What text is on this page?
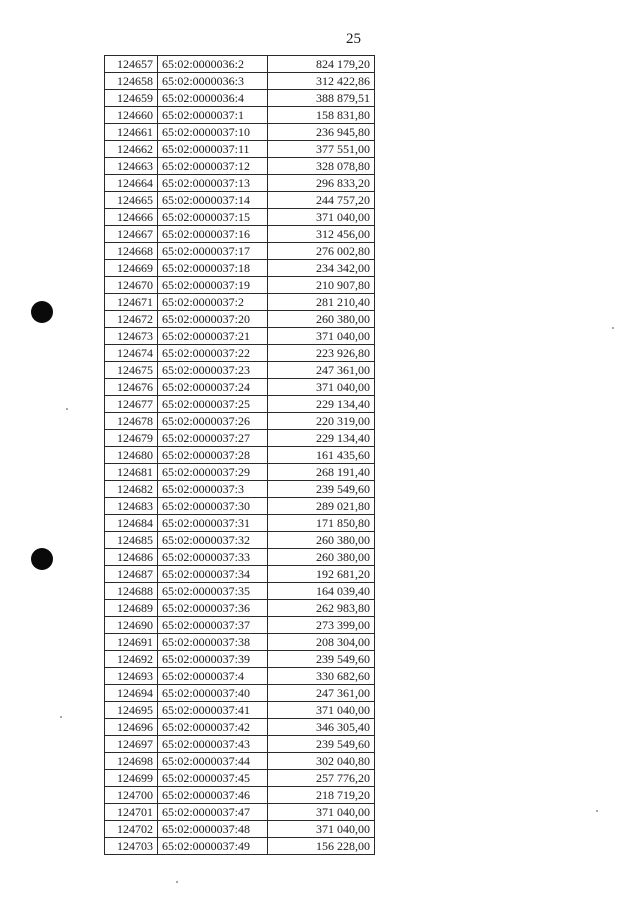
25
124657	65:02:0000036:2	824 179,20
124658	65:02:0000036:3	312 422,86
124659	65:02:0000036:4	388 879,51
124660	65:02:0000037:1	158 831,80
124661	65:02:0000037:10	236 945,80
124662	65:02:0000037:11	377 551,00
124663	65:02:0000037:12	328 078,80
124664	65:02:0000037:13	296 833,20
124665	65:02:0000037:14	244 757,20
124666	65:02:0000037:15	371 040,00
124667	65:02:0000037:16	312 456,00
124668	65:02:0000037:17	276 002,80
124669	65:02:0000037:18	234 342,00
124670	65:02:0000037:19	210 907,80
124671	65:02:0000037:2	281 210,40
124672	65:02:0000037:20	260 380,00
124673	65:02:0000037:21	371 040,00
124674	65:02:0000037:22	223 926,80
124675	65:02:0000037:23	247 361,00
124676	65:02:0000037:24	371 040,00
124677	65:02:0000037:25	229 134,40
124678	65:02:0000037:26	220 319,00
124679	65:02:0000037:27	229 134,40
124680	65:02:0000037:28	161 435,60
124681	65:02:0000037:29	268 191,40
124682	65:02:0000037:3	239 549,60
124683	65:02:0000037:30	289 021,80
124684	65:02:0000037:31	171 850,80
124685	65:02:0000037:32	260 380,00
124686	65:02:0000037:33	260 380,00
124687	65:02:0000037:34	192 681,20
124688	65:02:0000037:35	164 039,40
124689	65:02:0000037:36	262 983,80
124690	65:02:0000037:37	273 399,00
124691	65:02:0000037:38	208 304,00
124692	65:02:0000037:39	239 549,60
124693	65:02:0000037:4	330 682,60
124694	65:02:0000037:40	247 361,00
124695	65:02:0000037:41	371 040,00
124696	65:02:0000037:42	346 305,40
124697	65:02:0000037:43	239 549,60
124698	65:02:0000037:44	302 040,80
124699	65:02:0000037:45	257 776,20
124700	65:02:0000037:46	218 719,20
124701	65:02:0000037:47	371 040,00
124702	65:02:0000037:48	371 040,00
124703	65:02:0000037:49	156 228,00
